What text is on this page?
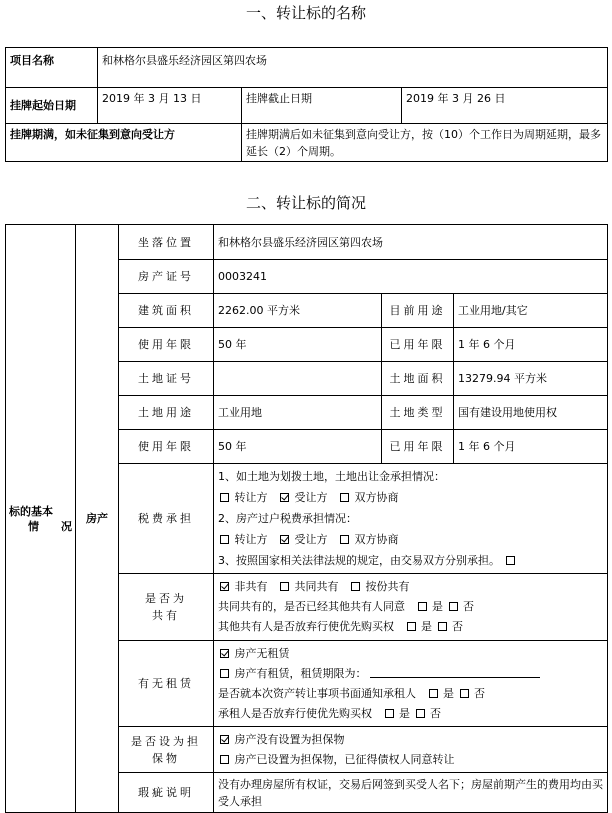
一、转让标的名称
项目名称	和林格尔县盛乐经济园区第四农场		
挂牌起始日期	2019 年 3 月 13 日	挂牌截止日期	2019 年 3 月 26 日
挂牌期满，如未征集到意向受让方		挂牌期满后如未征集到意向受让方，按（10）个工作日为周期延期，最多延长（2）个周期。	
二、转让标的简况
标的基本
情　　况	房产	坐落位置	和林格尔县盛乐经济园区第四农场		
		房产证号	0003241		
		建筑面积	2262.00 平方米	目前用途	工业用地/其它
		使用年限	50 年	已用年限	1 年 6 个月
		土地证号		土地面积	13279.94 平方米
		土地用途	工业用地	土地类型	国有建设用地使用权
		使用年限	50 年	已用年限	1 年 6 个月
		税费承担	1、如土地为划拨土地，土地出让金承担情况：
转让方 受让方 双方协商
2、房产过户税费承担情况：
转让方 受让方 双方协商
3、按照国家相关法律法规的规定，由交易双方分别承担。		

		是否为
共有	非共有 共同共有 按份共有
共同共有的，是否已经其他共有人同意 是 否
其他共有人是否放弃行使优先购买权 是 否		

		有无租赁	房产无租赁
房产有租赁，租赁期限为：
是否就本次资产转让事项书面通知承租人 是 否
承租人是否放弃行使优先购买权 是 否		

		是否设为担
保物	房产没有设置为担保物
房产已设置为担保物，已征得债权人同意转让		

		瑕疵说明	没有办理房屋所有权证，交易后网签到买受人名下；房屋前期产生的费用均由买受人承担		
